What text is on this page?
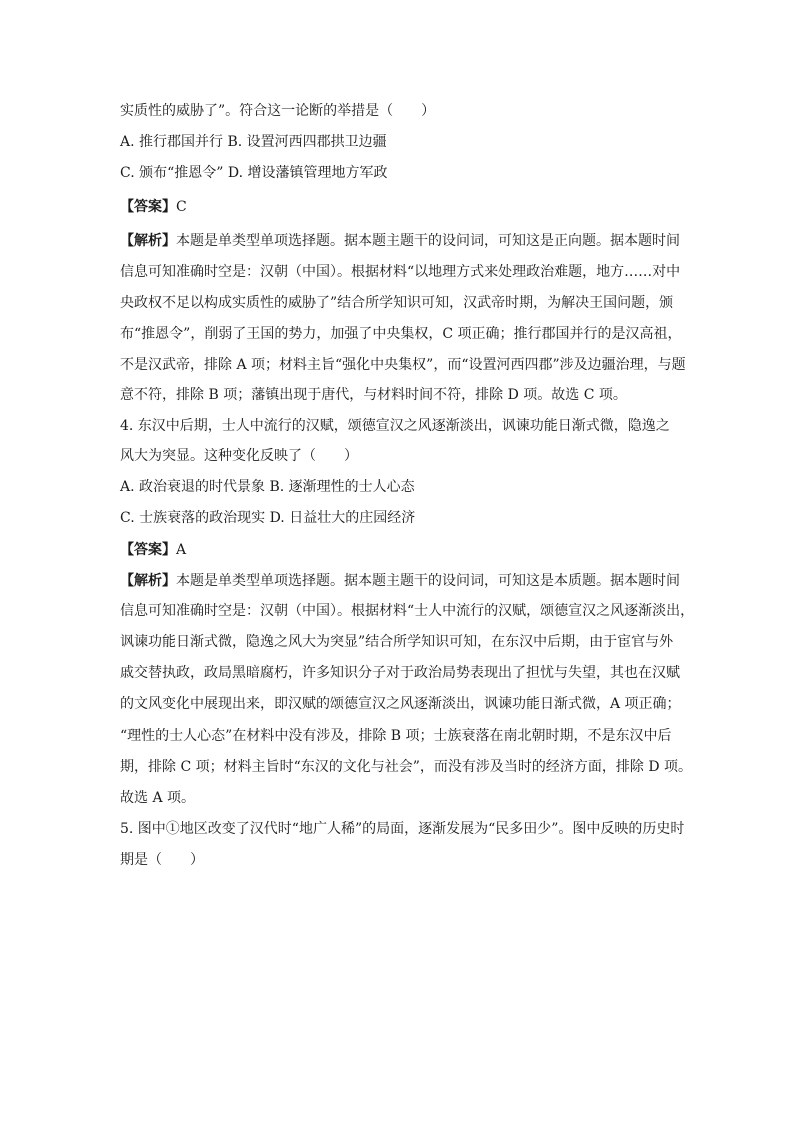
实质性的威胁了”。符合这一论断的举措是（　　）
A. 推行郡国并行 B. 设置河西四郡拱卫边疆
C. 颁布“推恩令” D. 增设藩镇管理地方军政
【答案】C
【解析】本题是单类型单项选择题。据本题主题干的设问词，可知这是正向题。据本题时间
信息可知准确时空是：汉朝（中国）。根据材料“以地理方式来处理政治难题，地方……对中
央政权不足以构成实质性的威胁了”结合所学知识可知，汉武帝时期，为解决王国问题，颁
布“推恩令”，削弱了王国的势力，加强了中央集权，C 项正确；推行郡国并行的是汉高祖，
不是汉武帝，排除 A 项；材料主旨“强化中央集权”，而“设置河西四郡”涉及边疆治理，与题
意不符，排除 B 项；藩镇出现于唐代，与材料时间不符，排除 D 项。故选 C 项。
4. 东汉中后期，士人中流行的汉赋，颂德宣汉之风逐渐淡出，讽谏功能日渐式微，隐逸之
风大为突显。这种变化反映了（　　）
A. 政治衰退的时代景象 B. 逐渐理性的士人心态
C. 士族衰落的政治现实 D. 日益壮大的庄园经济
【答案】A
【解析】本题是单类型单项选择题。据本题主题干的设问词，可知这是本质题。据本题时间
信息可知准确时空是：汉朝（中国）。根据材料“士人中流行的汉赋，颂德宣汉之风逐渐淡出，
讽谏功能日渐式微，隐逸之风大为突显”结合所学知识可知，在东汉中后期，由于宦官与外
戚交替执政，政局黑暗腐朽，许多知识分子对于政治局势表现出了担忧与失望，其也在汉赋
的文风变化中展现出来，即汉赋的颂德宣汉之风逐渐淡出，讽谏功能日渐式微，A 项正确；
“理性的士人心态”在材料中没有涉及，排除 B 项；士族衰落在南北朝时期，不是东汉中后
期，排除 C 项；材料主旨时“东汉的文化与社会”，而没有涉及当时的经济方面，排除 D 项。
故选 A 项。
5. 图中①地区改变了汉代时“地广人稀”的局面，逐渐发展为“民多田少”。图中反映的历史时
期是（　　）
